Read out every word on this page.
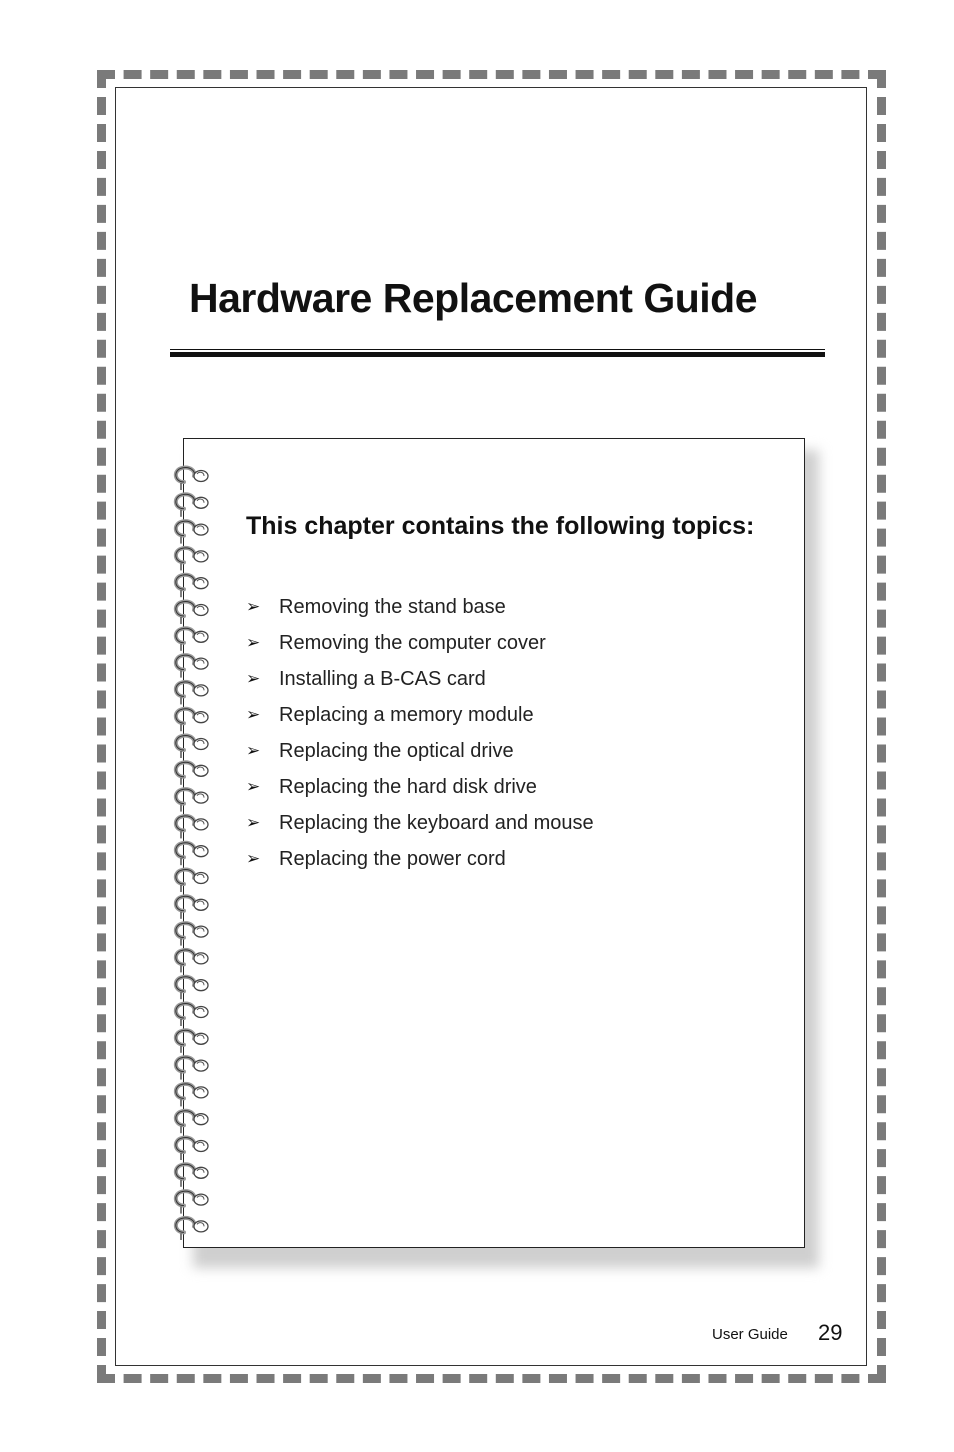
Hardware Replacement Guide
This chapter contains the following topics:
➢ Removing the stand base
➢ Removing the computer cover
➢ Installing a B-CAS card
➢ Replacing a memory module
➢ Replacing the optical drive
➢ Replacing the hard disk drive
➢ Replacing the keyboard and mouse
➢ Replacing the power cord
User Guide 29
